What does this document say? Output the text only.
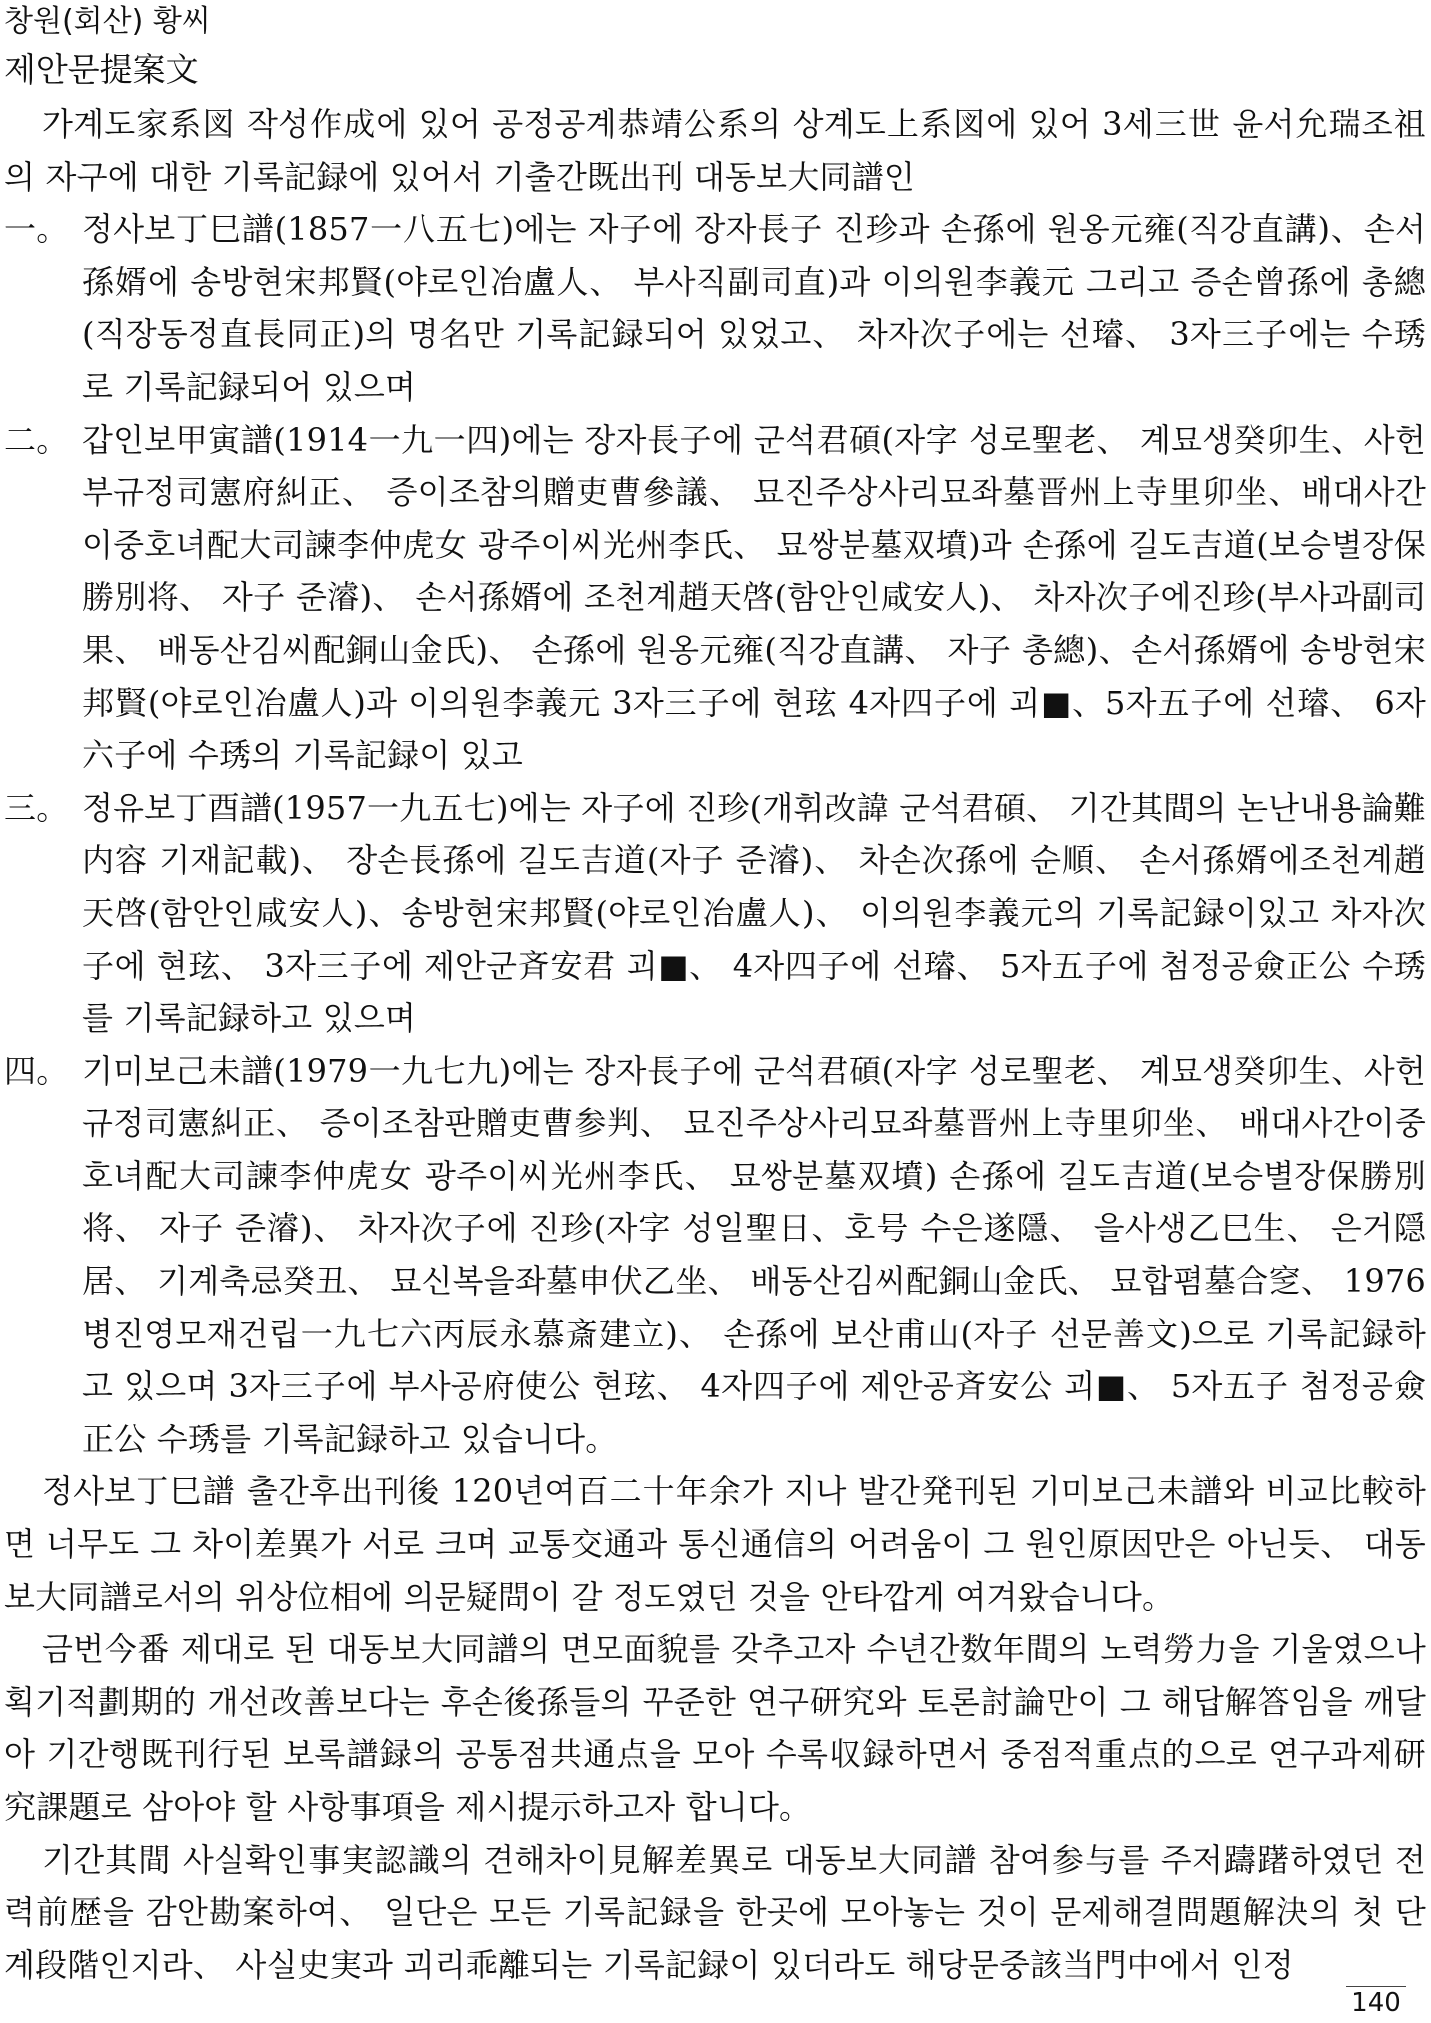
창원(회산) 황씨
제안문提案文

가계도家系図 작성作成에 있어 공정공계恭靖公系의 상계도上系図에 있어 3세三世 윤서允瑞조祖의 자구에 대한 기록記録에 있어서 기출간既出刊 대동보大同譜인

一。 정사보丁巳譜(1857一八五七)에는 자子에 장자長子 진珍과 손孫에 원옹元雍(직강直講)、손서孫婿에 송방현宋邦賢(야로인冶盧人、 부사직副司直)과 이의원李義元 그리고 증손曾孫에 총總(직장동정直長同正)의 명名만 기록記録되어 있었고、 차자次子에는 선璿、 3자三子에는 수琇로 기록記録되어 있으며
二。 갑인보甲寅譜(1914一九一四)에는 장자長子에 군석君碩(자字 성로聖老、 계묘생癸卯生、사헌부규정司憲府糾正、 증이조참의贈吏曹參議、 묘진주상사리묘좌墓晋州上寺里卯坐、배대사간이중호녀配大司諫李仲虎女 광주이씨光州李氏、 묘쌍분墓双墳)과 손孫에 길도吉道(보승별장保勝別将、 자子 준濬)、 손서孫婿에 조천계趙天啓(함안인咸安人)、 차자次子에진珍(부사과副司果、 배동산김씨配銅山金氏)、 손孫에 원옹元雍(직강直講、 자子 총總)、손서孫婿에 송방현宋邦賢(야로인冶盧人)과 이의원李義元 3자三子에 현玹 4자四子에 괴■、5자五子에 선璿、 6자六子에 수琇의 기록記録이 있고
三。 정유보丁酉譜(1957一九五七)에는 자子에 진珍(개휘改諱 군석君碩、 기간其間의 논난내용論難内容 기재記載)、 장손長孫에 길도吉道(자子 준濬)、 차손次孫에 순順、 손서孫婿에조천계趙天啓(함안인咸安人)、송방현宋邦賢(야로인冶盧人)、 이의원李義元의 기록記録이있고 차자次子에 현玹、 3자三子에 제안군斉安君 괴■、 4자四子에 선璿、 5자五子에 첨정공僉正公 수琇를 기록記録하고 있으며
四。 기미보己未譜(1979一九七九)에는 장자長子에 군석君碩(자字 성로聖老、 계묘생癸卯生、사헌규정司憲糾正、 증이조참판贈吏曹参判、 묘진주상사리묘좌墓晋州上寺里卯坐、 배대사간이중호녀配大司諫李仲虎女 광주이씨光州李氏、 묘쌍분墓双墳) 손孫에 길도吉道(보승별장保勝別将、 자子 준濬)、 차자次子에 진珍(자字 성일聖日、호号 수은遂隱、 을사생乙巳生、 은거隠居、 기계축忌癸丑、 묘신복을좌墓申伏乙坐、 배동산김씨配銅山金氏、 묘합폄墓合窆、 1976병진영모재건립一九七六丙辰永慕斎建立)、 손孫에 보산甫山(자子 선문善文)으로 기록記録하고 있으며 3자三子에 부사공府使公 현玹、 4자四子에 제안공斉安公 괴■、 5자五子 첨정공僉正公 수琇를 기록記録하고 있습니다。

정사보丁巳譜 출간후出刊後 120년여百二十年余가 지나 발간発刊된 기미보己未譜와 비교比較하면 너무도 그 차이差異가 서로 크며 교통交通과 통신通信의 어려움이 그 원인原因만은 아닌듯、 대동보大同譜로서의 위상位相에 의문疑問이 갈 정도였던 것을 안타깝게 여겨왔습니다。

금번今番 제대로 된 대동보大同譜의 면모面貌를 갖추고자 수년간数年間의 노력勞力을 기울였으나 획기적劃期的 개선改善보다는 후손後孫들의 꾸준한 연구研究와 토론討論만이 그 해답解答임을 깨달아 기간행既刊行된 보록譜録의 공통점共通点을 모아 수록収録하면서 중점적重点的으로 연구과제研究課題로 삼아야 할 사항事項을 제시提示하고자 합니다。

기간其間 사실확인事実認識의 견해차이見解差異로 대동보大同譜 참여参与를 주저躊躇하였던 전력前歴을 감안勘案하여、 일단은 모든 기록記録을 한곳에 모아놓는 것이 문제해결問題解決의 첫 단계段階인지라、 사실史実과 괴리乖離되는 기록記録이 있더라도 해당문중該当門中에서 인정

140
